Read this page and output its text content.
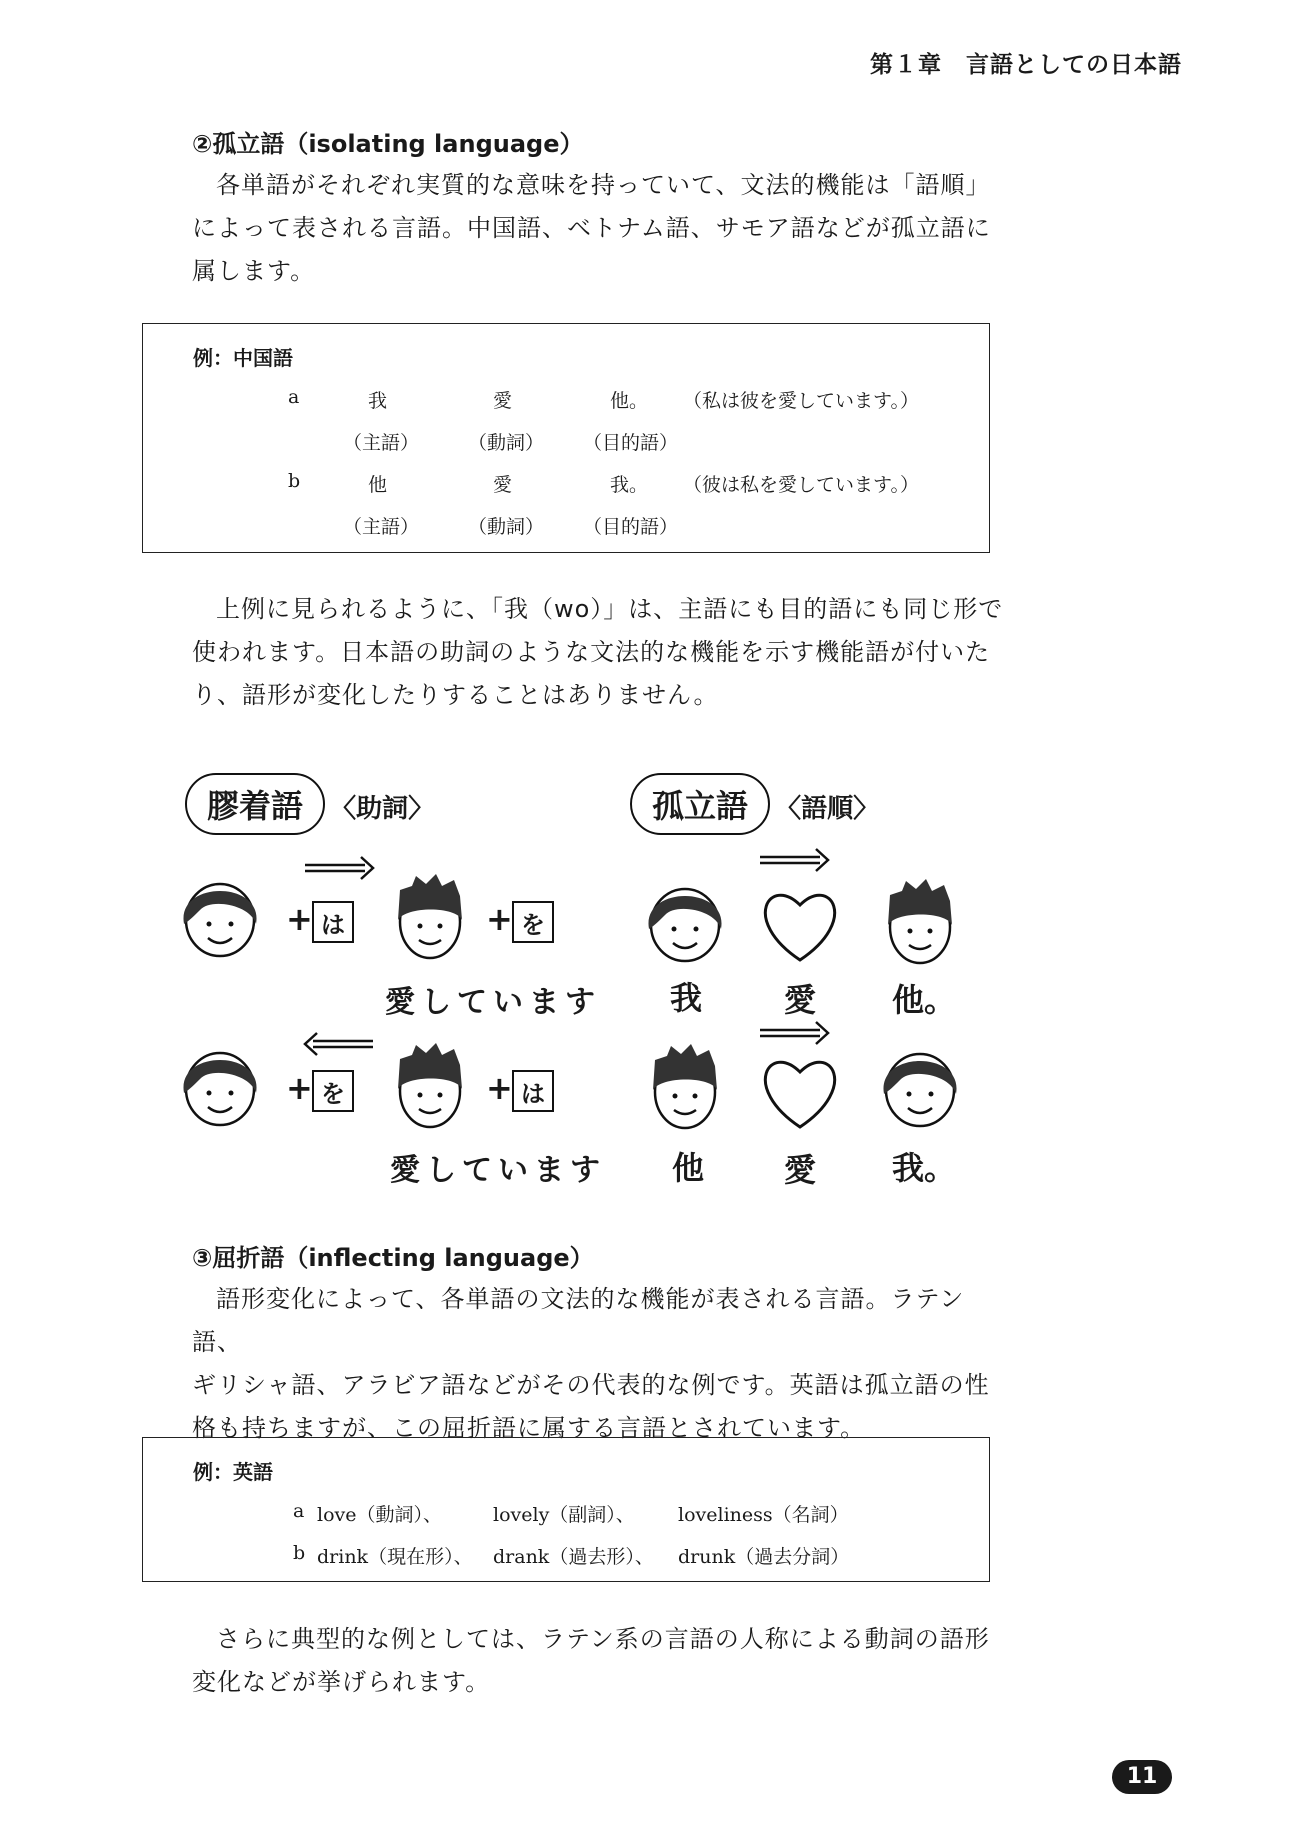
第１章　言語としての日本語
②孤立語（isolating language）
各単語がそれぞれ実質的な意味を持っていて、文法的機能は「語順」
によって表される言語。中国語、ベトナム語、サモア語などが孤立語に
属します。
例：中国語
a	我	愛	他。 （私は彼を愛しています。）
（主語）	（動詞） （目的語）
b	他	愛	我。 （彼は私を愛しています。）
（主語）	（動詞） （目的語）
上例に見られるように、「我（wo）」は、主語にも目的語にも同じ形で
使われます。日本語の助詞のような文法的な機能を示す機能語が付いた
り、語形が変化したりすることはありません。
膠着語 〈助詞〉	孤立語 〈語順〉
+ は	+ を
愛しています
+ を	+ は
愛しています
我	愛 他。
他 愛 我。
③屈折語（inflecting language）
語形変化によって、各単語の文法的な機能が表される言語。ラテン語、
ギリシャ語、アラビア語などがその代表的な例です。英語は孤立語の性
格も持ちますが、この屈折語に属する言語とされています。
例：英語
a love（動詞）、	lovely（副詞）、 loveliness（名詞）
b drink（現在形）、 drank（過去形）、 drunk（過去分詞）
さらに典型的な例としては、ラテン系の言語の人称による動詞の語形
変化などが挙げられます。
11
